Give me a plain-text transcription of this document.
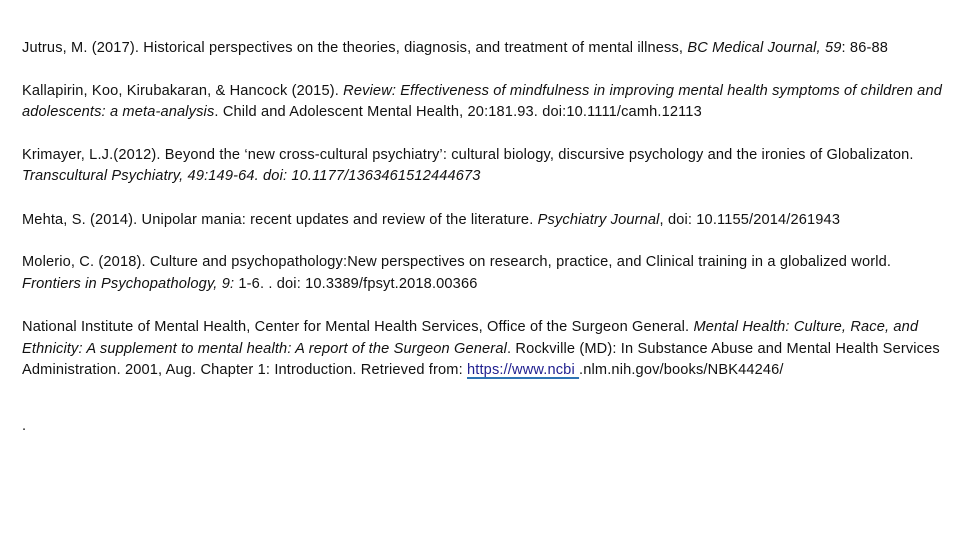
Jutrus, M. (2017). Historical perspectives on the theories, diagnosis, and treatment of mental illness, BC Medical Journal, 59: 86-88

Kallapirin, Koo, Kirubakaran, & Hancock (2015). Review: Effectiveness of mindfulness in improving mental health symptoms of children and adolescents: a meta-analysis. Child and Adolescent Mental Health, 20:181.93. doi:10.1111/camh.12113

Krimayer, L.J.(2012). Beyond the ‘new cross-cultural psychiatry’: cultural biology, discursive psychology and the ironies of Globalizaton. Transcultural Psychiatry, 49:149-64. doi: 10.1177/1363461512444673

Mehta, S. (2014). Unipolar mania: recent updates and review of the literature. Psychiatry Journal, doi: 10.1155/2014/261943

Molerio, C. (2018). Culture and psychopathology:New perspectives on research, practice, and Clinical training in a globalized world. Frontiers in Psychopathology, 9: 1-6. . doi: 10.3389/fpsyt.2018.00366

National Institute of Mental Health, Center for Mental Health Services, Office of the Surgeon General. Mental Health: Culture, Race, and Ethnicity: A supplement to mental health: A report of the Surgeon General. Rockville (MD): In Substance Abuse and Mental Health Services Administration. 2001, Aug. Chapter 1: Introduction. Retrieved from: https://www.ncbi .nlm.nih.gov/books/NBK44246/

.
